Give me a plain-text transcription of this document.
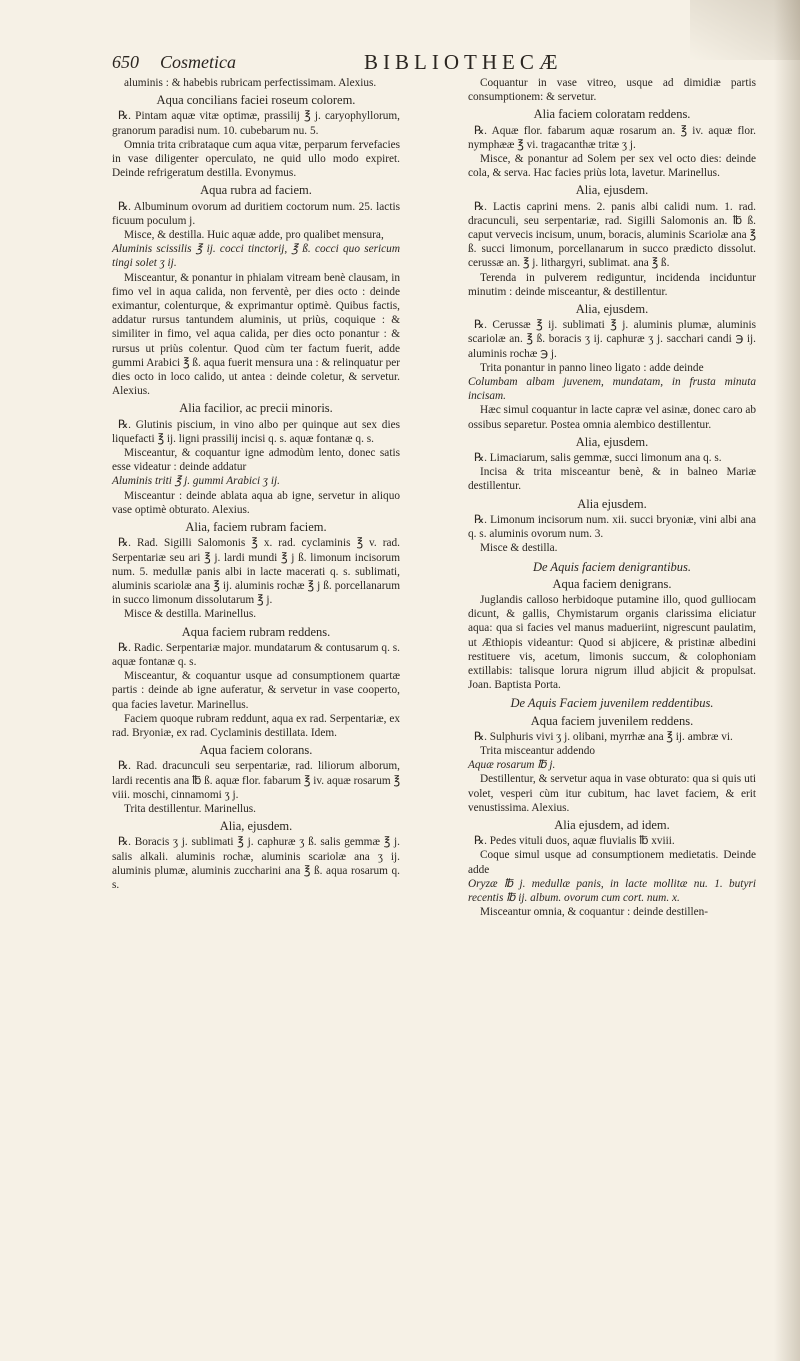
650 Cosmetica	BIBLIOTHECÆ

aluminis : & habebis rubricam perfectissimam. Alexius.

Aqua concilians faciei roseum colorem.

℞. Pintam aquæ vitæ optimæ, prassilij ℥ j. caryophyllorum, granorum paradisi num. 10. cubebarum nu. 5.

Omnia trita cribrataque cum aqua vitæ, perparum fervefacies in vase diligenter operculato, ne quid ullo modo expiret. Deinde refrigeratum destilla. Evonymus.

Aqua rubra ad faciem.

℞. Albuminum ovorum ad duritiem coctorum num. 25. lactis ficuum poculum j.

Misce, & destilla. Huic aquæ adde, pro qualibet mensura,

Aluminis scissilis ℥ ij. cocci tinctorij, ℥ ß. cocci quo sericum tingi solet ʒ ij.

Misceantur, & ponantur in phialam vitream benè clausam, in fimo vel in aqua calida, non ferventè, per dies octo : deinde eximantur, colenturque, & exprimantur optimè. Quibus factis, addatur rursus tantundem aluminis, ut priùs, coquique : & similiter in fimo, vel aqua calida, per dies octo ponantur : & rursus ut priùs colentur. Quod cùm ter factum fuerit, adde gummi Arabici ℥ ß. aqua fuerit mensura una : & relinquatur per dies octo in loco calido, ut antea : deinde coletur, & servetur. Alexius.

Alia facilior, ac precii minoris.

℞. Glutinis piscium, in vino albo per quinque aut sex dies liquefacti ℥ ij. ligni prassilij incisi q. s. aquæ fontanæ q. s.

Misceantur, & coquantur igne admodùm lento, donec satis esse videatur : deinde addatur

Aluminis triti ℥ j. gummi Arabici ʒ ij.

Misceantur : deinde ablata aqua ab igne, servetur in aliquo vase optimè obturato. Alexius.

Alia, faciem rubram faciem.

℞. Rad. Sigilli Salomonis ℥ x. rad. cyclaminis ℥ v. rad. Serpentariæ seu ari ℥ j. lardi mundi ℥ j ß. limonum incisorum num. 5. medullæ panis albi in lacte macerati q. s. sublimati, aluminis scariolæ ana ℥ ij. aluminis rochæ ℥ j ß. porcellanarum in succo limonum dissolutarum ℥ j.

Misce & destilla. Marinellus.

Aqua faciem rubram reddens.

℞. Radic. Serpentariæ major. mundatarum & contusarum q. s. aquæ fontanæ q. s.

Misceantur, & coquantur usque ad consumptionem quartæ partis : deinde ab igne auferatur, & servetur in vase cooperto, qua facies lavetur. Marinellus.

Faciem quoque rubram reddunt, aqua ex rad. Serpentariæ, ex rad. Bryoniæ, ex rad. Cyclaminis destillata. Idem.

Aqua faciem colorans.

℞. Rad. dracunculi seu serpentariæ, rad. liliorum alborum, lardi recentis ana ℔ ß. aquæ flor. fabarum ℥ iv. aquæ rosarum ℥ viii. moschi, cinnamomi ʒ j.

Trita destillentur. Marinellus.

Alia, ejusdem.

℞. Boracis ʒ j. sublimati ℥ j. caphuræ ʒ ß. salis gemmæ ℥ j. salis alkali. aluminis rochæ, aluminis scariolæ ana ʒ ij. aluminis plumæ, aluminis zuccharini ana ℥ ß. aqua rosarum q. s.

Coquantur in vase vitreo, usque ad dimidiæ partis consumptionem: & servetur.

Alia faciem coloratam reddens.

℞. Aquæ flor. fabarum aquæ rosarum an. ℥ iv. aquæ flor. nymphææ ℥ vi. tragacanthæ tritæ ʒ j.

Misce, & ponantur ad Solem per sex vel octo dies: deinde cola, & serva. Hac facies priùs lota, lavetur. Marinellus.

Alia, ejusdem.

℞. Lactis caprini mens. 2. panis albi calidi num. 1. rad. dracunculi, seu serpentariæ, rad. Sigilli Salomonis an. ℔ ß. caput vervecis incisum, unum, boracis, aluminis Scariolæ ana ℥ ß. succi limonum, porcellanarum in succo prædicto dissolut. cerussæ an. ℥ j. lithargyri, sublimat. ana ℥ ß.

Terenda in pulverem rediguntur, incidenda inciduntur minutim : deinde misceantur, & destillentur.

Alia, ejusdem.

℞. Cerussæ ℥ ij. sublimati ℥ j. aluminis plumæ, aluminis scariolæ an. ℥ ß. boracis ʒ ij. caphuræ ʒ j. sacchari candi ℈ ij. aluminis rochæ ℈ j.

Trita ponantur in panno lineo ligato : adde deinde

Columbam albam juvenem, mundatam, in frusta minuta incisam.

Hæc simul coquantur in lacte capræ vel asinæ, donec caro ab ossibus separetur. Postea omnia alembico destillentur.

Alia, ejusdem.

℞. Limaciarum, salis gemmæ, succi limonum ana q. s.

Incisa & trita misceantur benè, & in balneo Mariæ destillentur.

Alia ejusdem.

℞. Limonum incisorum num. xii. succi bryoniæ, vini albi ana q. s. aluminis ovorum num. 3.

Misce & destilla.

De Aquis faciem denigrantibus.

Aqua faciem denigrans.

Juglandis calloso herbidoque putamine illo, quod gulliocam dicunt, & gallis, Chymistarum organis clarissima eliciatur aqua: qua si facies vel manus madueriint, nigrescunt paulatim, ut Æthiopis videantur: Quod si abjicere, & pristinæ albedini restituere vis, acetum, limonis succum, & colophoniam extillabis: talisque lorura nigrum illud abjicit & propulsat. Joan. Baptista Porta.

De Aquis Faciem juvenilem reddentibus.

Aqua faciem juvenilem reddens.

℞. Sulphuris vivi ʒ j. olibani, myrrhæ ana ℥ ij. ambræ vi.

Trita misceantur addendo

Aquæ rosarum ℔ j.

Destillentur, & servetur aqua in vase obturato: qua si quis uti volet, vesperi cùm itur cubitum, hac lavet faciem, & erit venustissima. Alexius.

Alia ejusdem, ad idem.

℞. Pedes vituli duos, aquæ fluvialis ℔ xviii.

Coque simul usque ad consumptionem medietatis. Deinde adde

Oryzæ ℔ j. medullæ panis, in lacte mollitæ nu. 1. butyri recentis ℔ ij. album. ovorum cum cort. num. x.

Misceantur omnia, & coquantur : deinde destillen-
